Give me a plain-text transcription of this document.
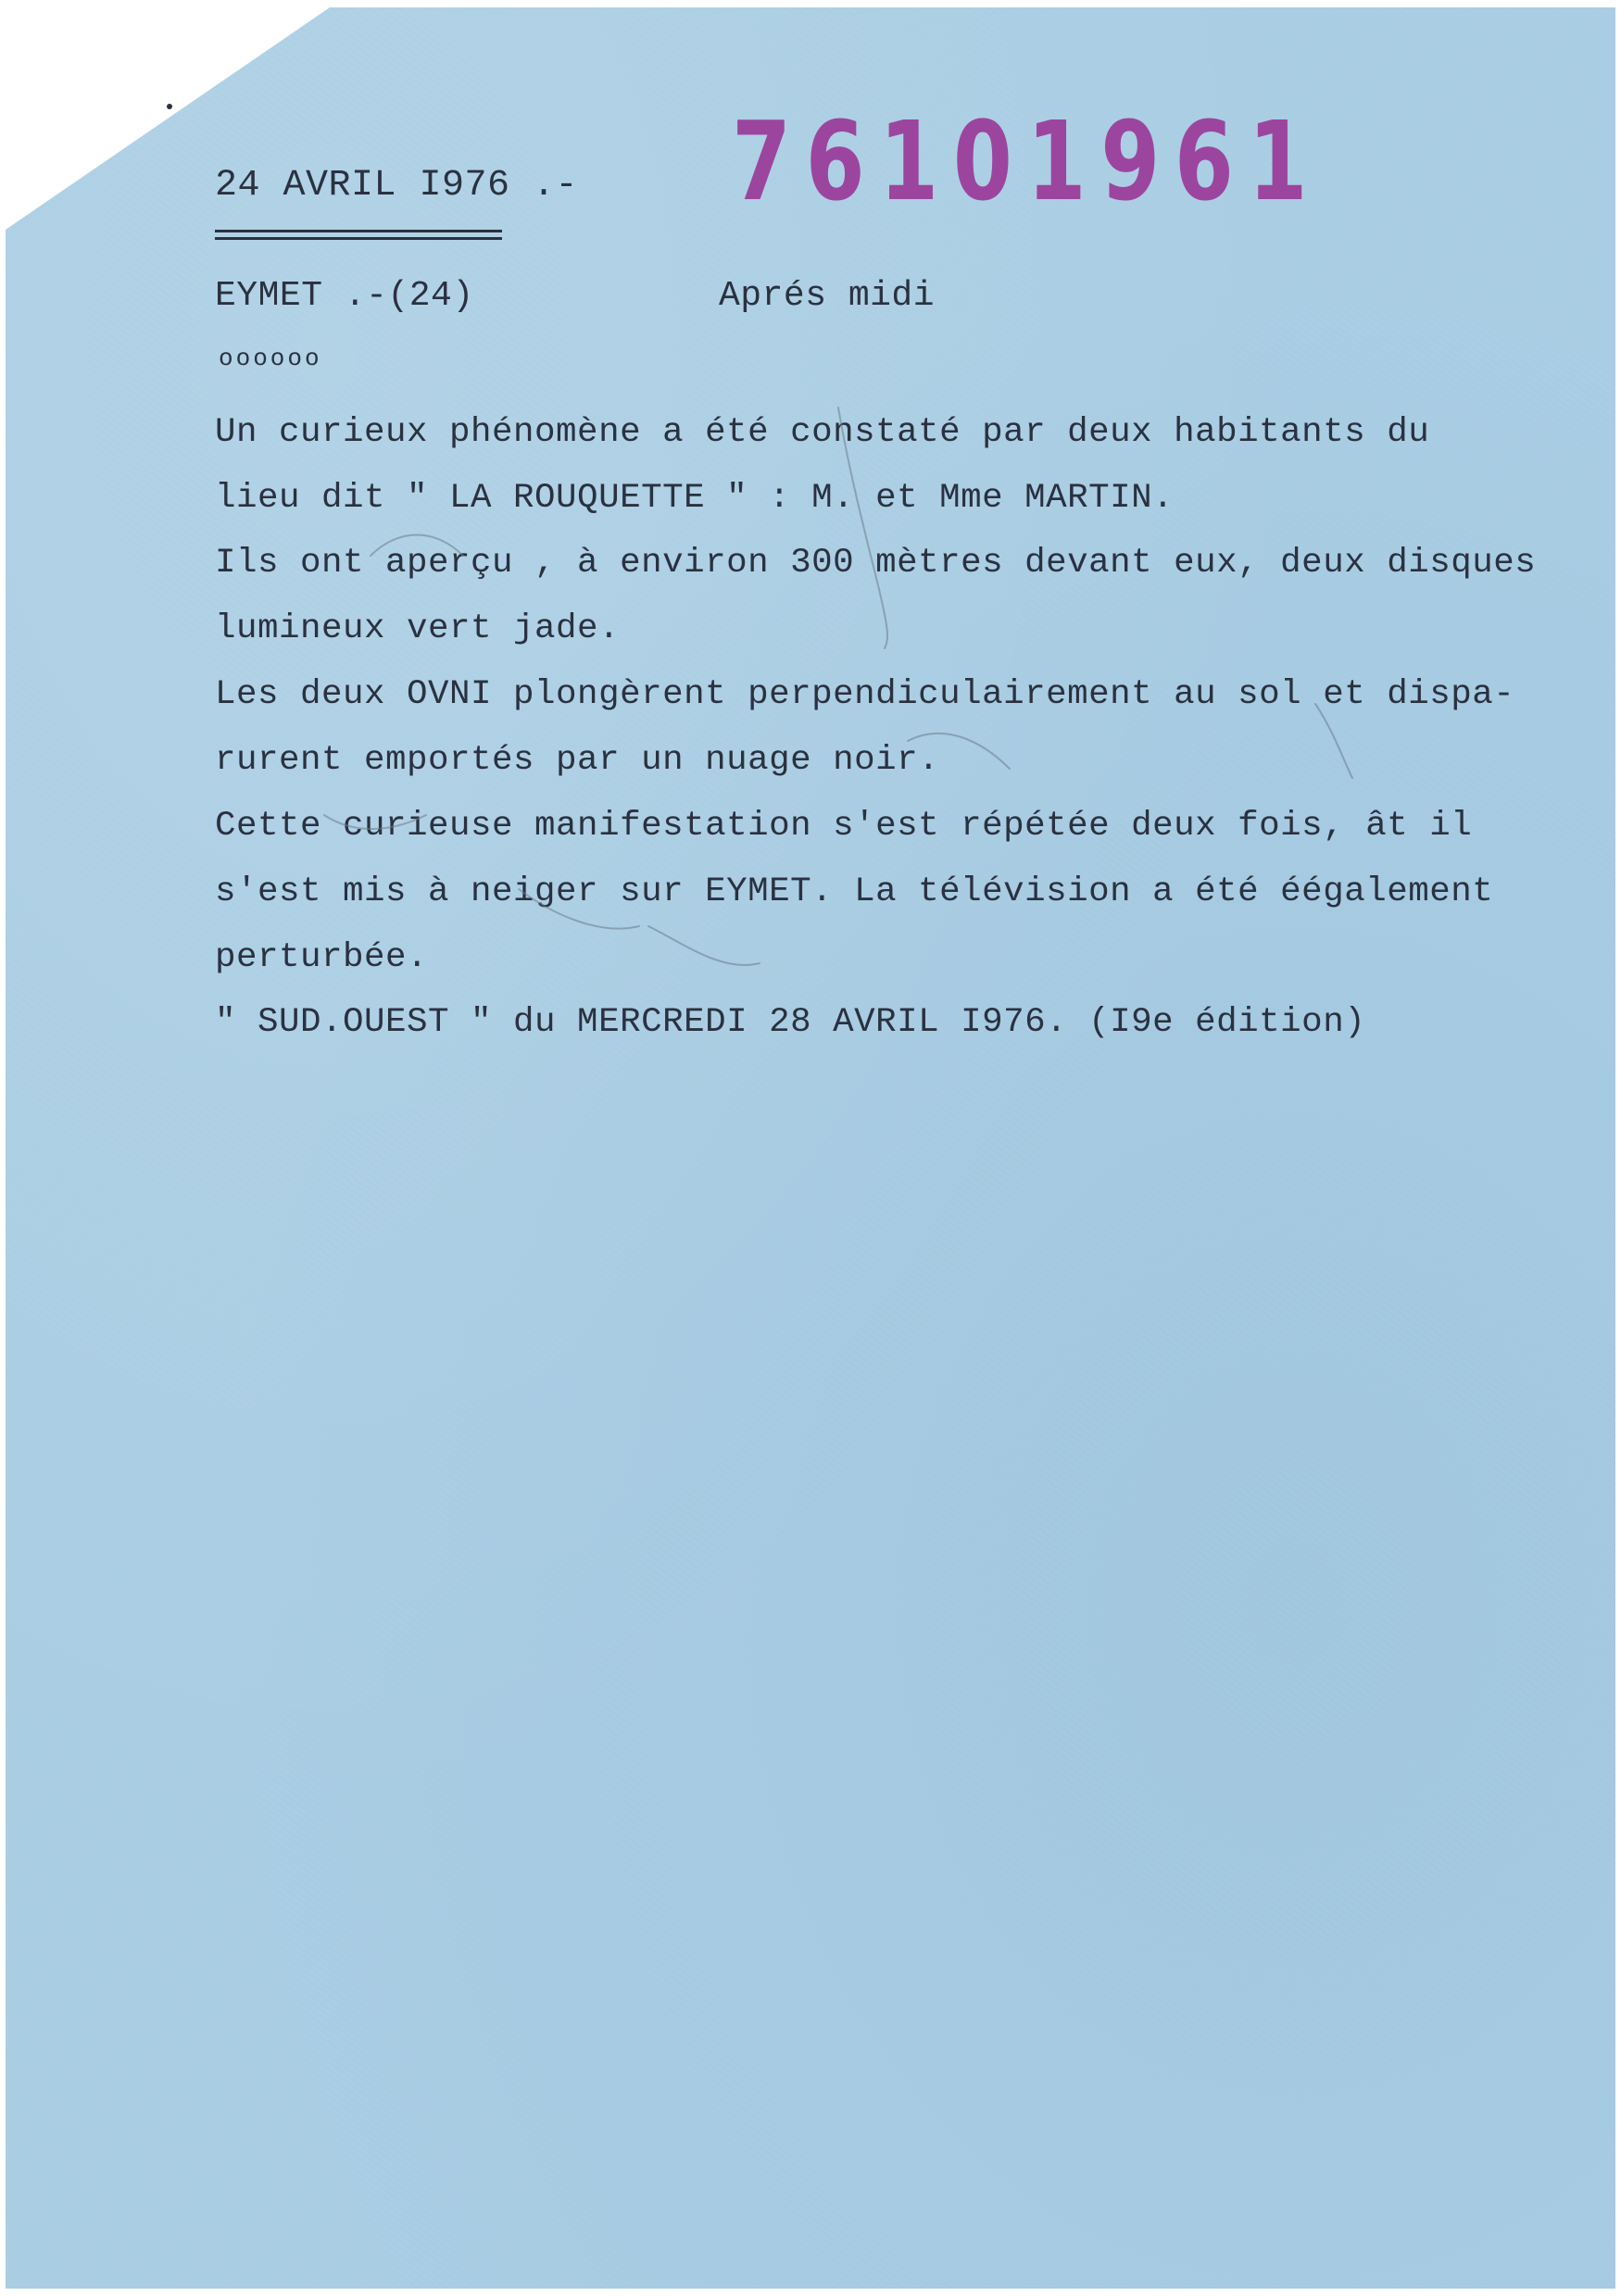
24 AVRIL I976 .- 76101961

EYMET .-(24)	Aprés midi

oooooo

Un curieux phénomène a été constaté par deux habitants du

lieu dit " LA ROUQUETTE " : M. et Mme MARTIN.

Ils ont aperçu , à environ 300 mètres devant eux, deux disques

lumineux vert jade.

Les deux OVNI plongèrent perpendiculairement au sol et dispa-

rurent emportés par un nuage noir.

Cette curieuse manifestation s'est répétée deux fois, ât il

s'est mis à neiger sur EYMET. La télévision a été éégalement

perturbée.

" SUD.OUEST " du MERCREDI 28 AVRIL I976. (I9e édition)
